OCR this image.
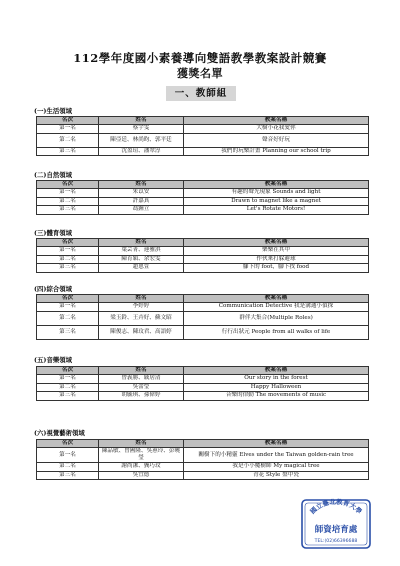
112學年度國小素養導向雙語教學教案設計競賽
獲獎名單
一、教師組
(一)生活領域
名次	姓名	教案名稱
第一名	蔡宇雯	大樹小花我愛你
第二名	陳亞廷、林尚昀、郭平廷	聲音好好玩
第三名	沈盈瑄、潘翠淳	我們的玩樂計畫 Planning our school trip
(二)自然領域
名次	姓名	教案名稱
第一名	朱苡安	有趣的聲光現象 Sounds and light
第二名	許嘉真	Drawn to magnet like a magnet
第三名	馮鐘立	Let's Rotate Motors!
(三)體育領域
名次	姓名	教案名稱
第一名	葉芸菁、連雅淇	樂樂在其中
第二名	陳育穎、余宏雯	作伙來打躲避球
第三名	趙恩萱	腳下的 foot，腳下找 food
(四)綜合領域
名次	姓名	教案名稱
第一名	李婷婷	Communication Detective 我是溝通小偵探
第二名	梁玉鈴、王卉好、蘇文昭	群伴大集合(Multiple Roles)
第三名	陳俊志、陳玟君、高語婷	行行出狀元 People from all walks of life
(五)音樂領域
名次	姓名	教案名稱
第一名	曾義勝、戚居清	Our story in the forest
第二名	吳蕾瑩	Happy Halloween
第三名	胡毓琪、孫偉婷	音樂的律動 The movements of music
(六)視覺藝術領域
名次	姓名	教案名稱
第一名	陳品敏、曾國隆、吳蕙玲、彭曉瑩	關樹下的小精靈 Elves under the Taiwan golden-rain tree
第二名	謝尚潔、龔巧玟	我是小小魔樹師 My magical tree
第三名	吳宜德	青花 Style 盤中瓷
國立臺北教育大學
師資培育處
TEL:(02)66396688
